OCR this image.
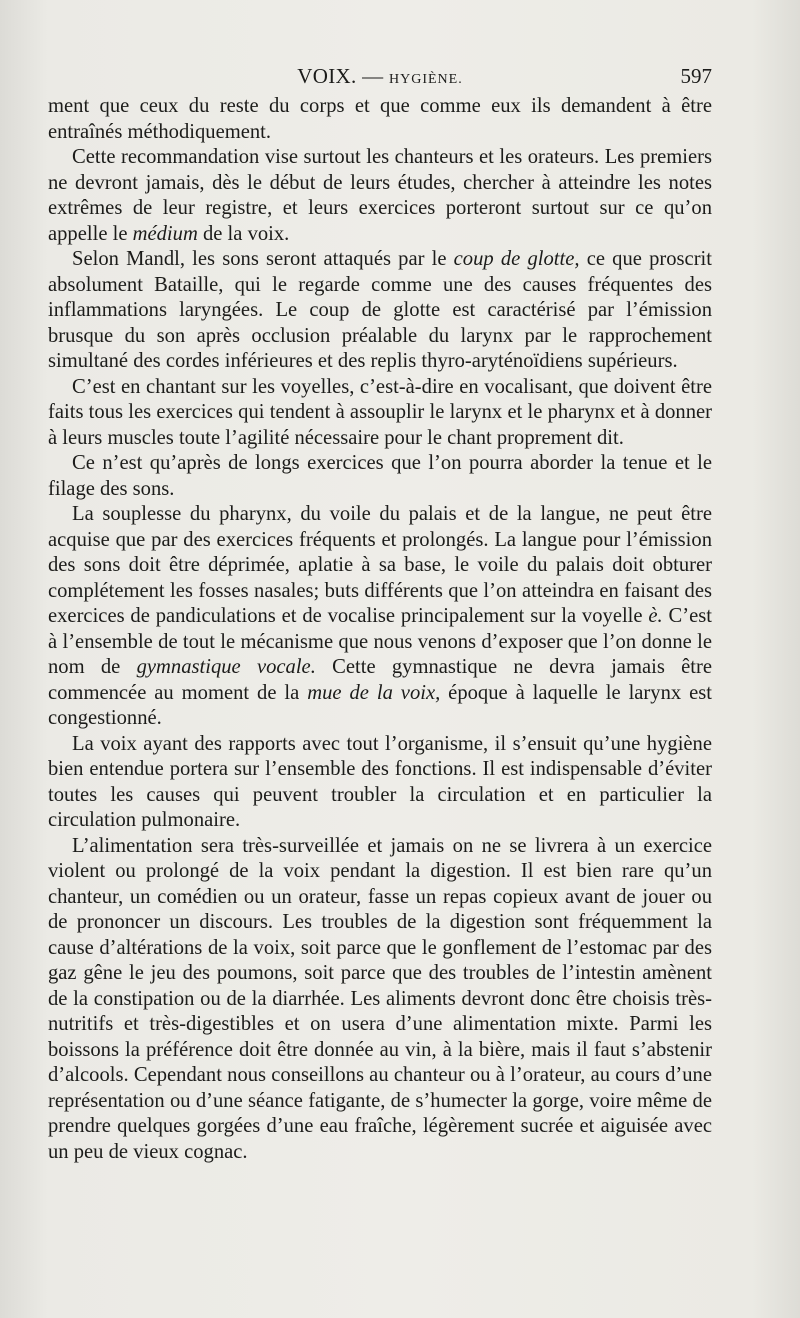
VOIX. — HYGIÈNE.	597

ment que ceux du reste du corps et que comme eux ils demandent à être entraînés méthodiquement.

Cette recommandation vise surtout les chanteurs et les orateurs. Les premiers ne devront jamais, dès le début de leurs études, chercher à atteindre les notes extrêmes de leur registre, et leurs exercices porteront surtout sur ce qu’on appelle le médium de la voix.

Selon Mandl, les sons seront attaqués par le coup de glotte, ce que proscrit absolument Bataille, qui le regarde comme une des causes fréquentes des inflammations laryngées. Le coup de glotte est caractérisé par l’émission brusque du son après occlusion préalable du larynx par le rapprochement simultané des cordes inférieures et des replis thyro-aryténoïdiens supérieurs.

C’est en chantant sur les voyelles, c’est-à-dire en vocalisant, que doivent être faits tous les exercices qui tendent à assouplir le larynx et le pharynx et à donner à leurs muscles toute l’agilité nécessaire pour le chant proprement dit.

Ce n’est qu’après de longs exercices que l’on pourra aborder la tenue et le filage des sons.

La souplesse du pharynx, du voile du palais et de la langue, ne peut être acquise que par des exercices fréquents et prolongés. La langue pour l’émission des sons doit être déprimée, aplatie à sa base, le voile du palais doit obturer complétement les fosses nasales; buts différents que l’on atteindra en faisant des exercices de pandiculations et de vocalise principalement sur la voyelle è. C’est à l’ensemble de tout le mécanisme que nous venons d’exposer que l’on donne le nom de gymnastique vocale. Cette gymnastique ne devra jamais être commencée au moment de la mue de la voix, époque à laquelle le larynx est congestionné.

La voix ayant des rapports avec tout l’organisme, il s’ensuit qu’une hygiène bien entendue portera sur l’ensemble des fonctions. Il est indispensable d’éviter toutes les causes qui peuvent troubler la circulation et en particulier la circulation pulmonaire.

L’alimentation sera très-surveillée et jamais on ne se livrera à un exercice violent ou prolongé de la voix pendant la digestion. Il est bien rare qu’un chanteur, un comédien ou un orateur, fasse un repas copieux avant de jouer ou de prononcer un discours. Les troubles de la digestion sont fréquemment la cause d’altérations de la voix, soit parce que le gonflement de l’estomac par des gaz gêne le jeu des poumons, soit parce que des troubles de l’intestin amènent de la constipation ou de la diarrhée. Les aliments devront donc être choisis très-nutritifs et très-digestibles et on usera d’une alimentation mixte. Parmi les boissons la préférence doit être donnée au vin, à la bière, mais il faut s’abstenir d’alcools. Cependant nous conseillons au chanteur ou à l’orateur, au cours d’une représentation ou d’une séance fatigante, de s’humecter la gorge, voire même de prendre quelques gorgées d’une eau fraîche, légèrement sucrée et aiguisée avec un peu de vieux cognac.
